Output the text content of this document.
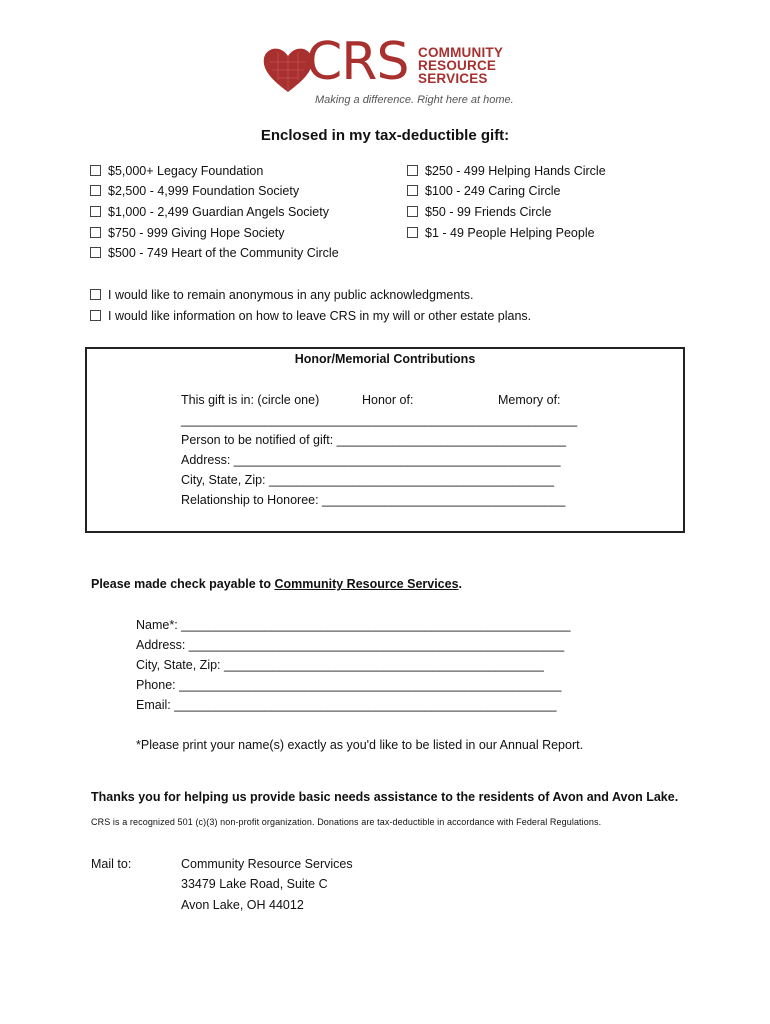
CRS COMMUNITY
RESOURCE
SERVICES
Making a difference. Right here at home.
Enclosed in my tax-deductible gift:
$5,000+ Legacy Foundation
$2,500 - 4,999 Foundation Society
$1,000 - 2,499 Guardian Angels Society
$750 - 999 Giving Hope Society
$500 - 749 Heart of the Community Circle
$250 - 499 Helping Hands Circle
$100 - 249 Caring Circle
$50 - 99 Friends Circle
$1 - 49 People Helping People
I would like to remain anonymous in any public acknowledgments.
I would like information on how to leave CRS in my will or other estate plans.
Honor/Memorial Contributions
This gift is in: (circle one)	Honor of:	Memory of:
_________________________________________________________
Person to be notified of gift: _________________________________
Address: _______________________________________________
City, State, Zip: _________________________________________
Relationship to Honoree: ___________________________________
Please made check payable to Community Resource Services.
Name*: ________________________________________________________
Address: ______________________________________________________
City, State, Zip: ______________________________________________
Phone: _______________________________________________________
Email: _______________________________________________________
*Please print your name(s) exactly as you'd like to be listed in our Annual Report.
Thanks you for helping us provide basic needs assistance to the residents of Avon and Avon Lake.
CRS is a recognized 501 (c)(3) non-profit organization. Donations are tax-deductible in accordance with Federal Regulations.
Mail to:	Community Resource Services
33479 Lake Road, Suite C
Avon Lake, OH 44012
